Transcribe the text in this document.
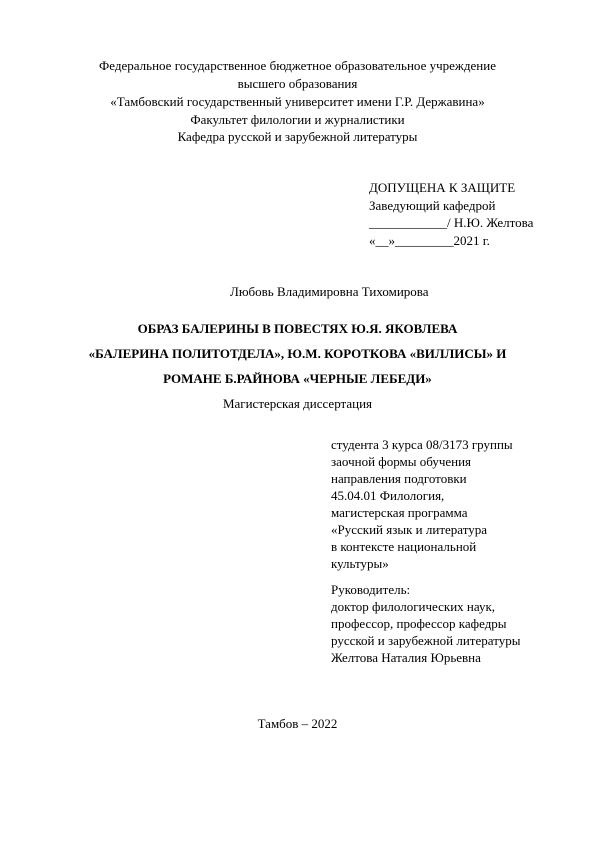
Федеральное государственное бюджетное образовательное учреждение
высшего образования
«Тамбовский государственный университет имени Г.Р. Державина»
Факультет филологии и журналистики
Кафедра русской и зарубежной литературы
ДОПУЩЕНА К ЗАЩИТЕ
Заведующий кафедрой
____________/ Н.Ю. Желтова
«__»_________2021 г.
Любовь Владимировна Тихомирова
ОБРАЗ БАЛЕРИНЫ В ПОВЕСТЯХ Ю.Я. ЯКОВЛЕВА
«БАЛЕРИНА ПОЛИТОТДЕЛА», Ю.М. КОРОТКОВА «ВИЛЛИСЫ» И
РОМАНЕ Б.РАЙНОВА «ЧЕРНЫЕ ЛЕБЕДИ»
Магистерская диссертация
студента 3 курса 08/3173 группы
заочной формы обучения
направления подготовки
45.04.01 Филология,
магистерская программа
«Русский язык и литература
в контексте национальной
культуры»
Руководитель:
доктор филологических наук,
профессор, профессор кафедры
русской и зарубежной литературы
Желтова Наталия Юрьевна
Тамбов – 2022
